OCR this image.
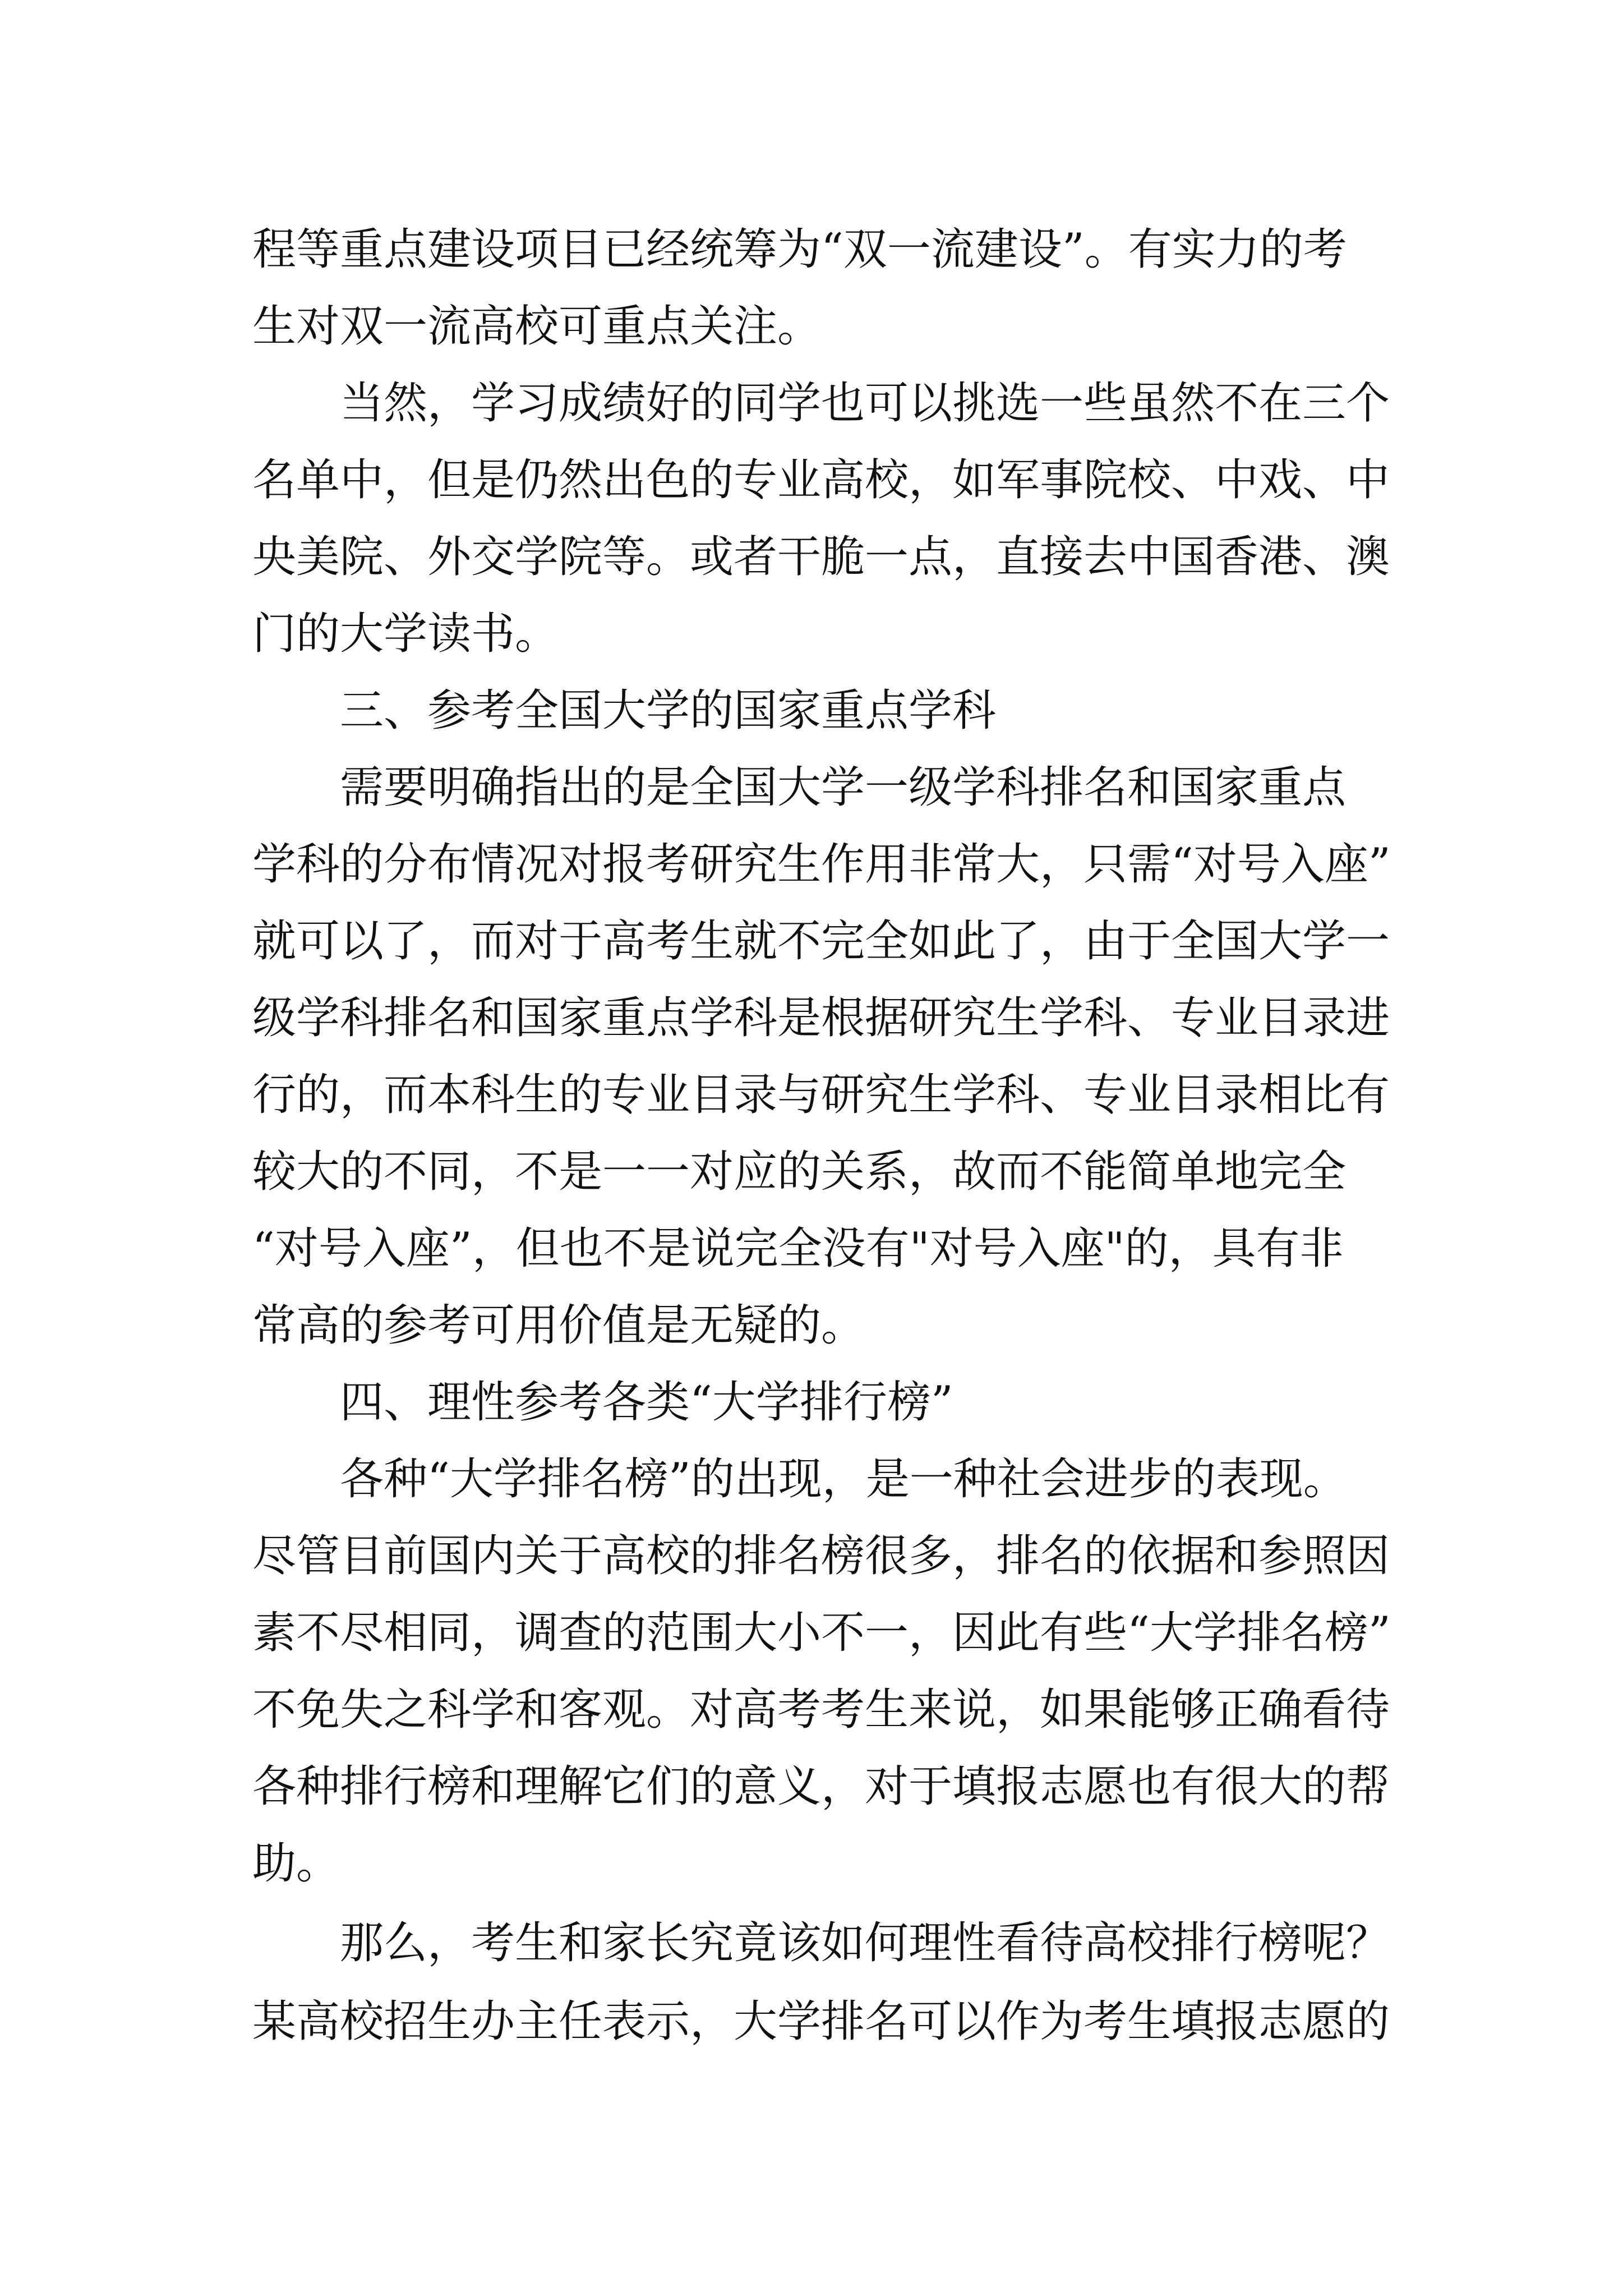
程等重点建设项目已经统筹为“双一流建设”。有实力的考

生对双一流高校可重点关注。

当然，学习成绩好的同学也可以挑选一些虽然不在三个

名单中，但是仍然出色的专业高校，如军事院校、中戏、中

央美院、外交学院等。或者干脆一点，直接去中国香港、澳

门的大学读书。

三、参考全国大学的国家重点学科

需要明确指出的是全国大学一级学科排名和国家重点

学科的分布情况对报考研究生作用非常大，只需“对号入座”

就可以了，而对于高考生就不完全如此了，由于全国大学一

级学科排名和国家重点学科是根据研究生学科、专业目录进

行的，而本科生的专业目录与研究生学科、专业目录相比有

较大的不同，不是一一对应的关系，故而不能简单地完全

“对号入座”，但也不是说完全没有"对号入座"的，具有非

常高的参考可用价值是无疑的。

四、理性参考各类“大学排行榜”

各种“大学排名榜”的出现，是一种社会进步的表现。

尽管目前国内关于高校的排名榜很多，排名的依据和参照因

素不尽相同，调查的范围大小不一，因此有些“大学排名榜”

不免失之科学和客观。对高考考生来说，如果能够正确看待

各种排行榜和理解它们的意义，对于填报志愿也有很大的帮

助。

那么，考生和家长究竟该如何理性看待高校排行榜呢？

某高校招生办主任表示，大学排名可以作为考生填报志愿的
